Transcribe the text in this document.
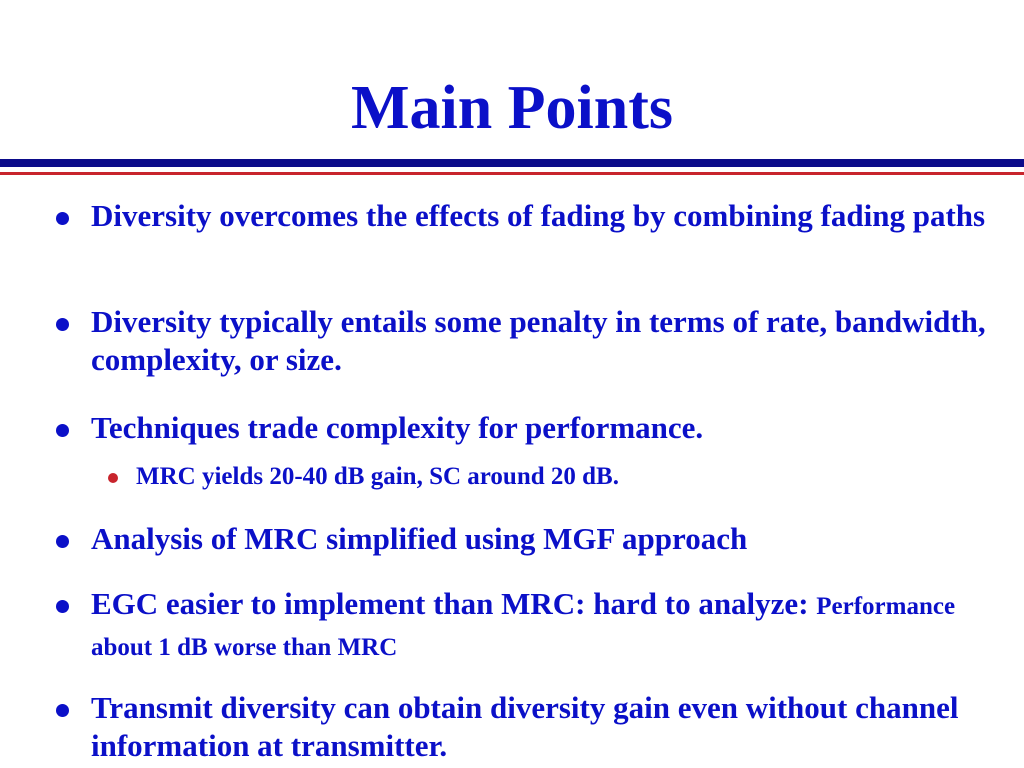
Main Points
Diversity overcomes the effects of fading by combining fading paths
Diversity typically entails some penalty in terms of rate, bandwidth, complexity, or size.
Techniques trade complexity for performance.
MRC yields 20-40 dB gain, SC around 20 dB.
Analysis of MRC simplified using MGF approach
EGC easier to implement than MRC: hard to analyze: Performance about 1 dB worse than MRC
Transmit diversity can obtain diversity gain even without channel information at transmitter.
